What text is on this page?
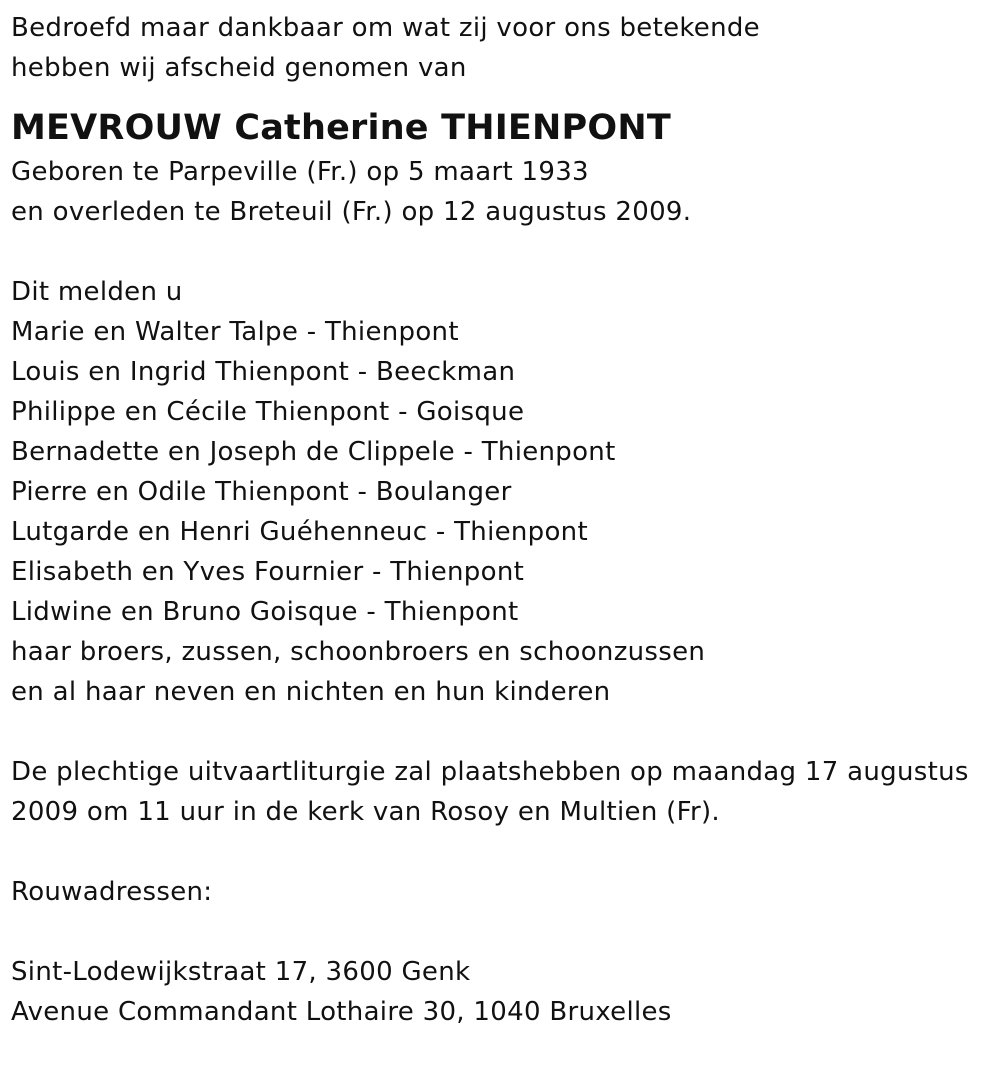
Bedroefd maar dankbaar om wat zij voor ons betekende
hebben wij afscheid genomen van
MEVROUW Catherine THIENPONT
Geboren te Parpeville (Fr.) op 5 maart 1933
en overleden te Breteuil (Fr.) op 12 augustus 2009.
Dit melden u
Marie en Walter Talpe - Thienpont
Louis en Ingrid Thienpont - Beeckman
Philippe en Cécile Thienpont - Goisque
Bernadette en Joseph de Clippele - Thienpont
Pierre en Odile Thienpont - Boulanger
Lutgarde en Henri Guéhenneuc - Thienpont
Elisabeth en Yves Fournier - Thienpont
Lidwine en Bruno Goisque - Thienpont
haar broers, zussen, schoonbroers en schoonzussen
en al haar neven en nichten en hun kinderen
De plechtige uitvaartliturgie zal plaatshebben op maandag 17 augustus
2009 om 11 uur in de kerk van Rosoy en Multien (Fr).
Rouwadressen:
Sint-Lodewijkstraat 17, 3600 Genk
Avenue Commandant Lothaire 30, 1040 Bruxelles
